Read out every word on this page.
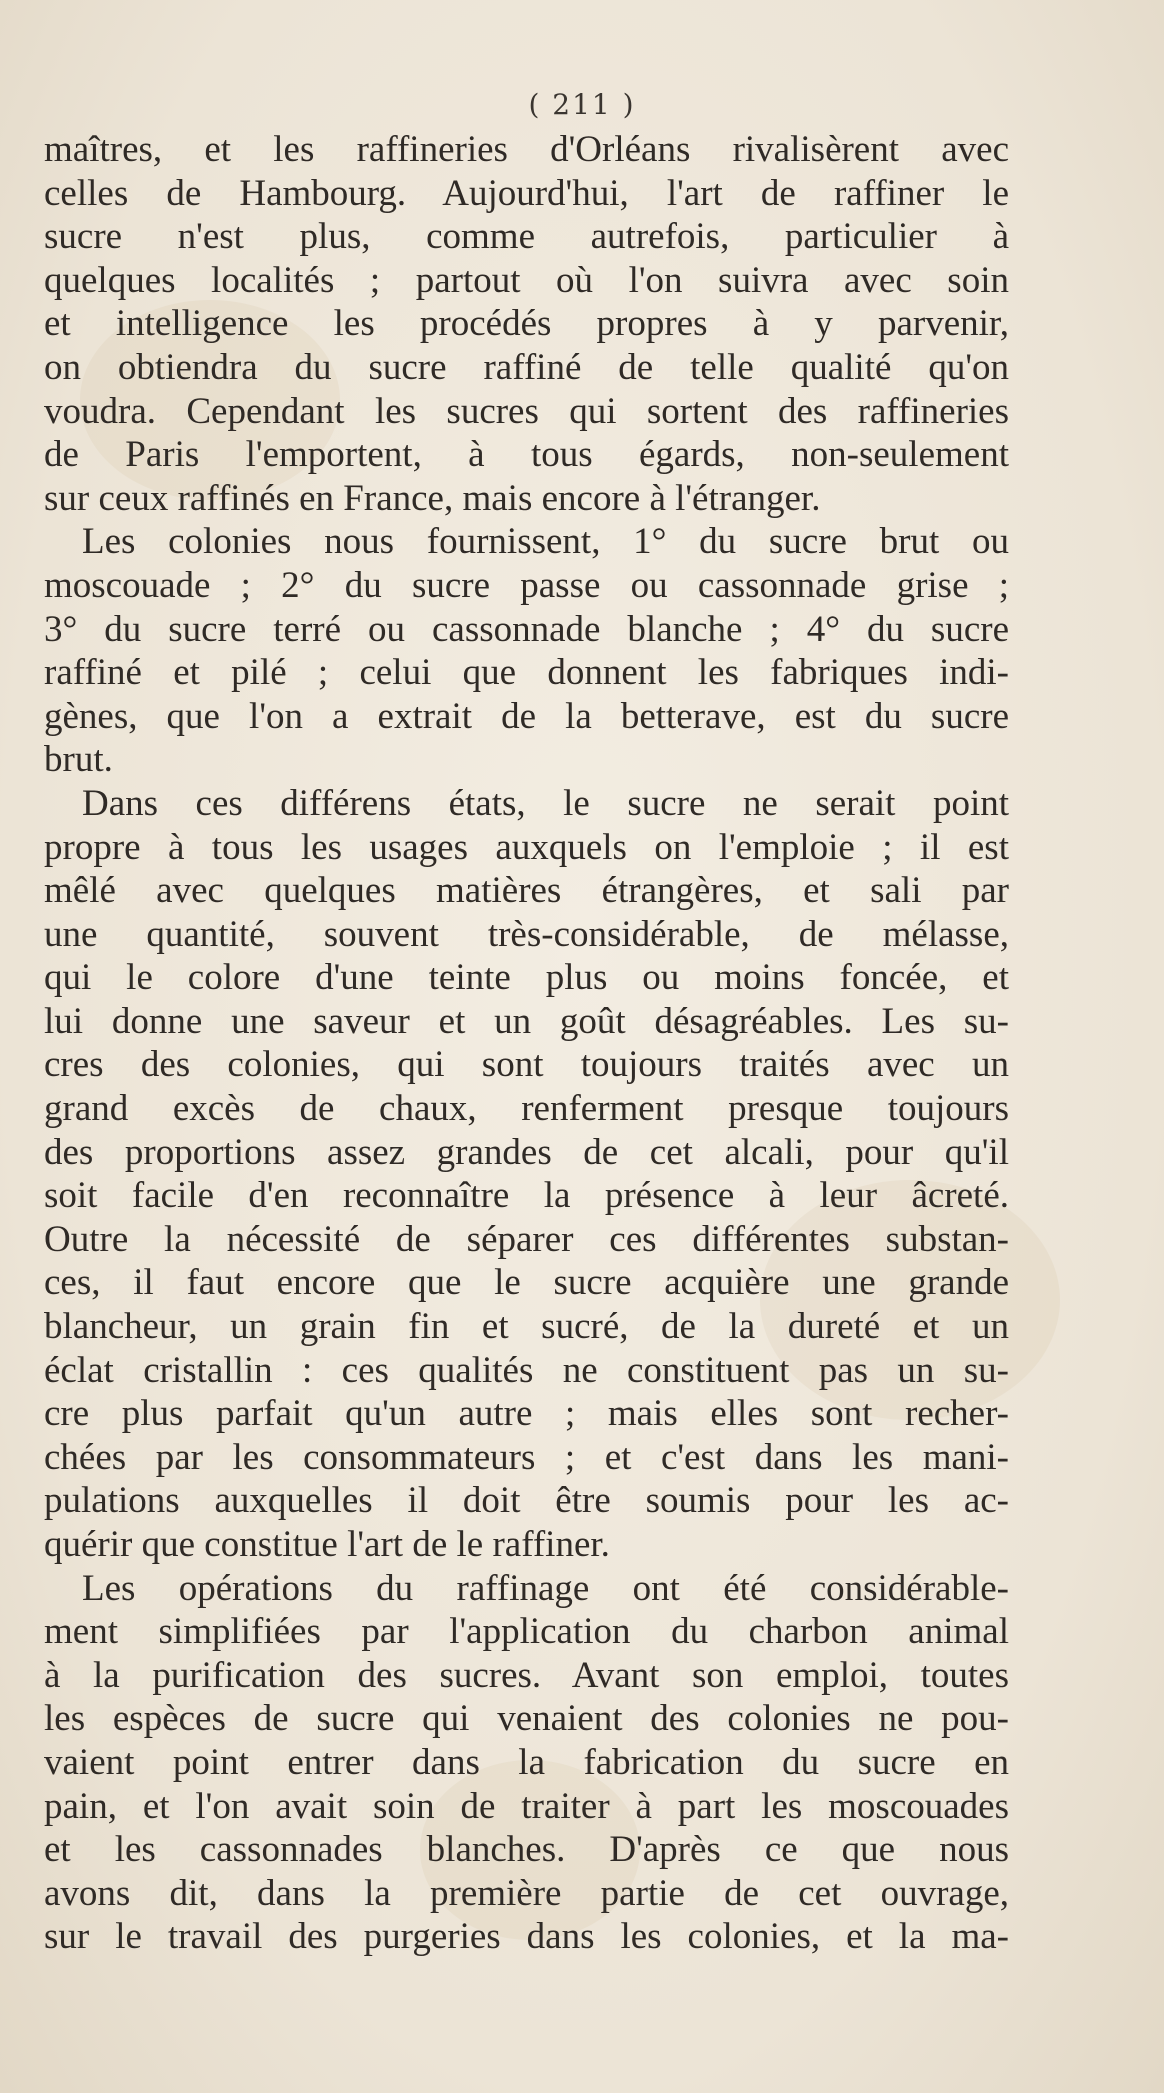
( 211 )
maîtres, et les raffineries d'Orléans rivalisèrent avec
celles de Hambourg. Aujourd'hui, l'art de raffiner le
sucre n'est plus, comme autrefois, particulier à
quelques localités ; partout où l'on suivra avec soin
et intelligence les procédés propres à y parvenir,
on obtiendra du sucre raffiné de telle qualité qu'on
voudra. Cependant les sucres qui sortent des raffineries
de Paris l'emportent, à tous égards, non-seulement
sur ceux raffinés en France, mais encore à l'étranger.
Les colonies nous fournissent, 1° du sucre brut ou
moscouade ; 2° du sucre passe ou cassonnade grise ;
3° du sucre terré ou cassonnade blanche ; 4° du sucre
raffiné et pilé ; celui que donnent les fabriques indi-
gènes, que l'on a extrait de la betterave, est du sucre
brut.
Dans ces différens états, le sucre ne serait point
propre à tous les usages auxquels on l'emploie ; il est
mêlé avec quelques matières étrangères, et sali par
une quantité, souvent très-considérable, de mélasse,
qui le colore d'une teinte plus ou moins foncée, et
lui donne une saveur et un goût désagréables. Les su-
cres des colonies, qui sont toujours traités avec un
grand excès de chaux, renferment presque toujours
des proportions assez grandes de cet alcali, pour qu'il
soit facile d'en reconnaître la présence à leur âcreté.
Outre la nécessité de séparer ces différentes substan-
ces, il faut encore que le sucre acquière une grande
blancheur, un grain fin et sucré, de la dureté et un
éclat cristallin : ces qualités ne constituent pas un su-
cre plus parfait qu'un autre ; mais elles sont recher-
chées par les consommateurs ; et c'est dans les mani-
pulations auxquelles il doit être soumis pour les ac-
quérir que constitue l'art de le raffiner.
Les opérations du raffinage ont été considérable-
ment simplifiées par l'application du charbon animal
à la purification des sucres. Avant son emploi, toutes
les espèces de sucre qui venaient des colonies ne pou-
vaient point entrer dans la fabrication du sucre en
pain, et l'on avait soin de traiter à part les moscouades
et les cassonnades blanches. D'après ce que nous
avons dit, dans la première partie de cet ouvrage,
sur le travail des purgeries dans les colonies, et la ma-
